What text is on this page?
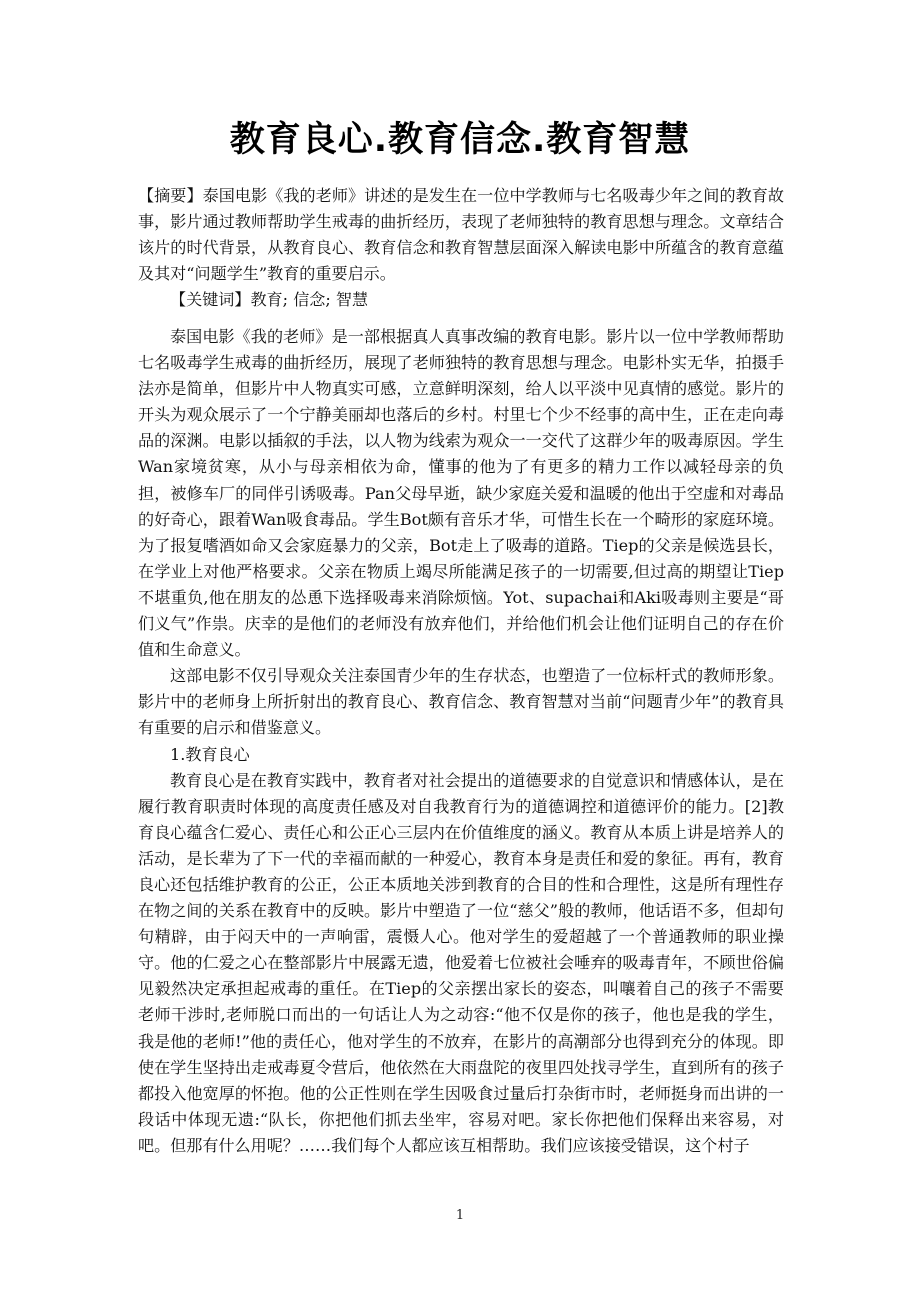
教育良心.教育信念.教育智慧

【摘要】泰国电影《我的老师》讲述的是发生在一位中学教师与七名吸毒少年之间的教育故事，影片通过教师帮助学生戒毒的曲折经历，表现了老师独特的教育思想与理念。文章结合该片的时代背景，从教育良心、教育信念和教育智慧层面深入解读电影中所蕴含的教育意蕴及其对“问题学生”教育的重要启示。

【关键词】教育; 信念; 智慧

泰国电影《我的老师》是一部根据真人真事改编的教育电影。影片以一位中学教师帮助七名吸毒学生戒毒的曲折经历，展现了老师独特的教育思想与理念。电影朴实无华，拍摄手法亦是简单，但影片中人物真实可感，立意鲜明深刻，给人以平淡中见真情的感觉。影片的开头为观众展示了一个宁静美丽却也落后的乡村。村里七个少不经事的高中生，正在走向毒品的深渊。电影以插叙的手法，以人物为线索为观众一一交代了这群少年的吸毒原因。学生Wan家境贫寒，从小与母亲相依为命，懂事的他为了有更多的精力工作以减轻母亲的负担，被修车厂的同伴引诱吸毒。Pan父母早逝，缺少家庭关爱和温暖的他出于空虚和对毒品的好奇心，跟着Wan吸食毒品。学生Bot颇有音乐才华，可惜生长在一个畸形的家庭环境。为了报复嗜酒如命又会家庭暴力的父亲，Bot走上了吸毒的道路。Tiep的父亲是候选县长，在学业上对他严格要求。父亲在物质上竭尽所能满足孩子的一切需要,但过高的期望让Tiep不堪重负,他在朋友的怂恿下选择吸毒来消除烦恼。Yot、supachai和Aki吸毒则主要是“哥们义气”作祟。庆幸的是他们的老师没有放弃他们，并给他们机会让他们证明自己的存在价值和生命意义。

这部电影不仅引导观众关注泰国青少年的生存状态，也塑造了一位标杆式的教师形象。影片中的老师身上所折射出的教育良心、教育信念、教育智慧对当前“问题青少年”的教育具有重要的启示和借鉴意义。

1.教育良心

教育良心是在教育实践中，教育者对社会提出的道德要求的自觉意识和情感体认，是在履行教育职责时体现的高度责任感及对自我教育行为的道德调控和道德评价的能力。[2]教育良心蕴含仁爱心、责任心和公正心三层内在价值维度的涵义。教育从本质上讲是培养人的活动，是长辈为了下一代的幸福而献的一种爱心，教育本身是责任和爱的象征。再有，教育良心还包括维护教育的公正，公正本质地关涉到教育的合目的性和合理性，这是所有理性存在物之间的关系在教育中的反映。影片中塑造了一位“慈父”般的教师，他话语不多，但却句句精辟，由于闷天中的一声响雷，震慑人心。他对学生的爱超越了一个普通教师的职业操守。他的仁爱之心在整部影片中展露无遗，他爱着七位被社会唾弃的吸毒青年，不顾世俗偏见毅然决定承担起戒毒的重任。在Tiep的父亲摆出家长的姿态，叫嚷着自己的孩子不需要老师干涉时,老师脱口而出的一句话让人为之动容:“他不仅是你的孩子，他也是我的学生，我是他的老师!”他的责任心，他对学生的不放弃，在影片的高潮部分也得到充分的体现。即使在学生坚持出走戒毒夏令营后，他依然在大雨盘陀的夜里四处找寻学生，直到所有的孩子都投入他宽厚的怀抱。他的公正性则在学生因吸食过量后打杂街市时，老师挺身而出讲的一段话中体现无遗:“队长，你把他们抓去坐牢，容易对吧。家长你把他们保释出来容易，对吧。但那有什么用呢？……我们每个人都应该互相帮助。我们应该接受错误，这个村子

1
